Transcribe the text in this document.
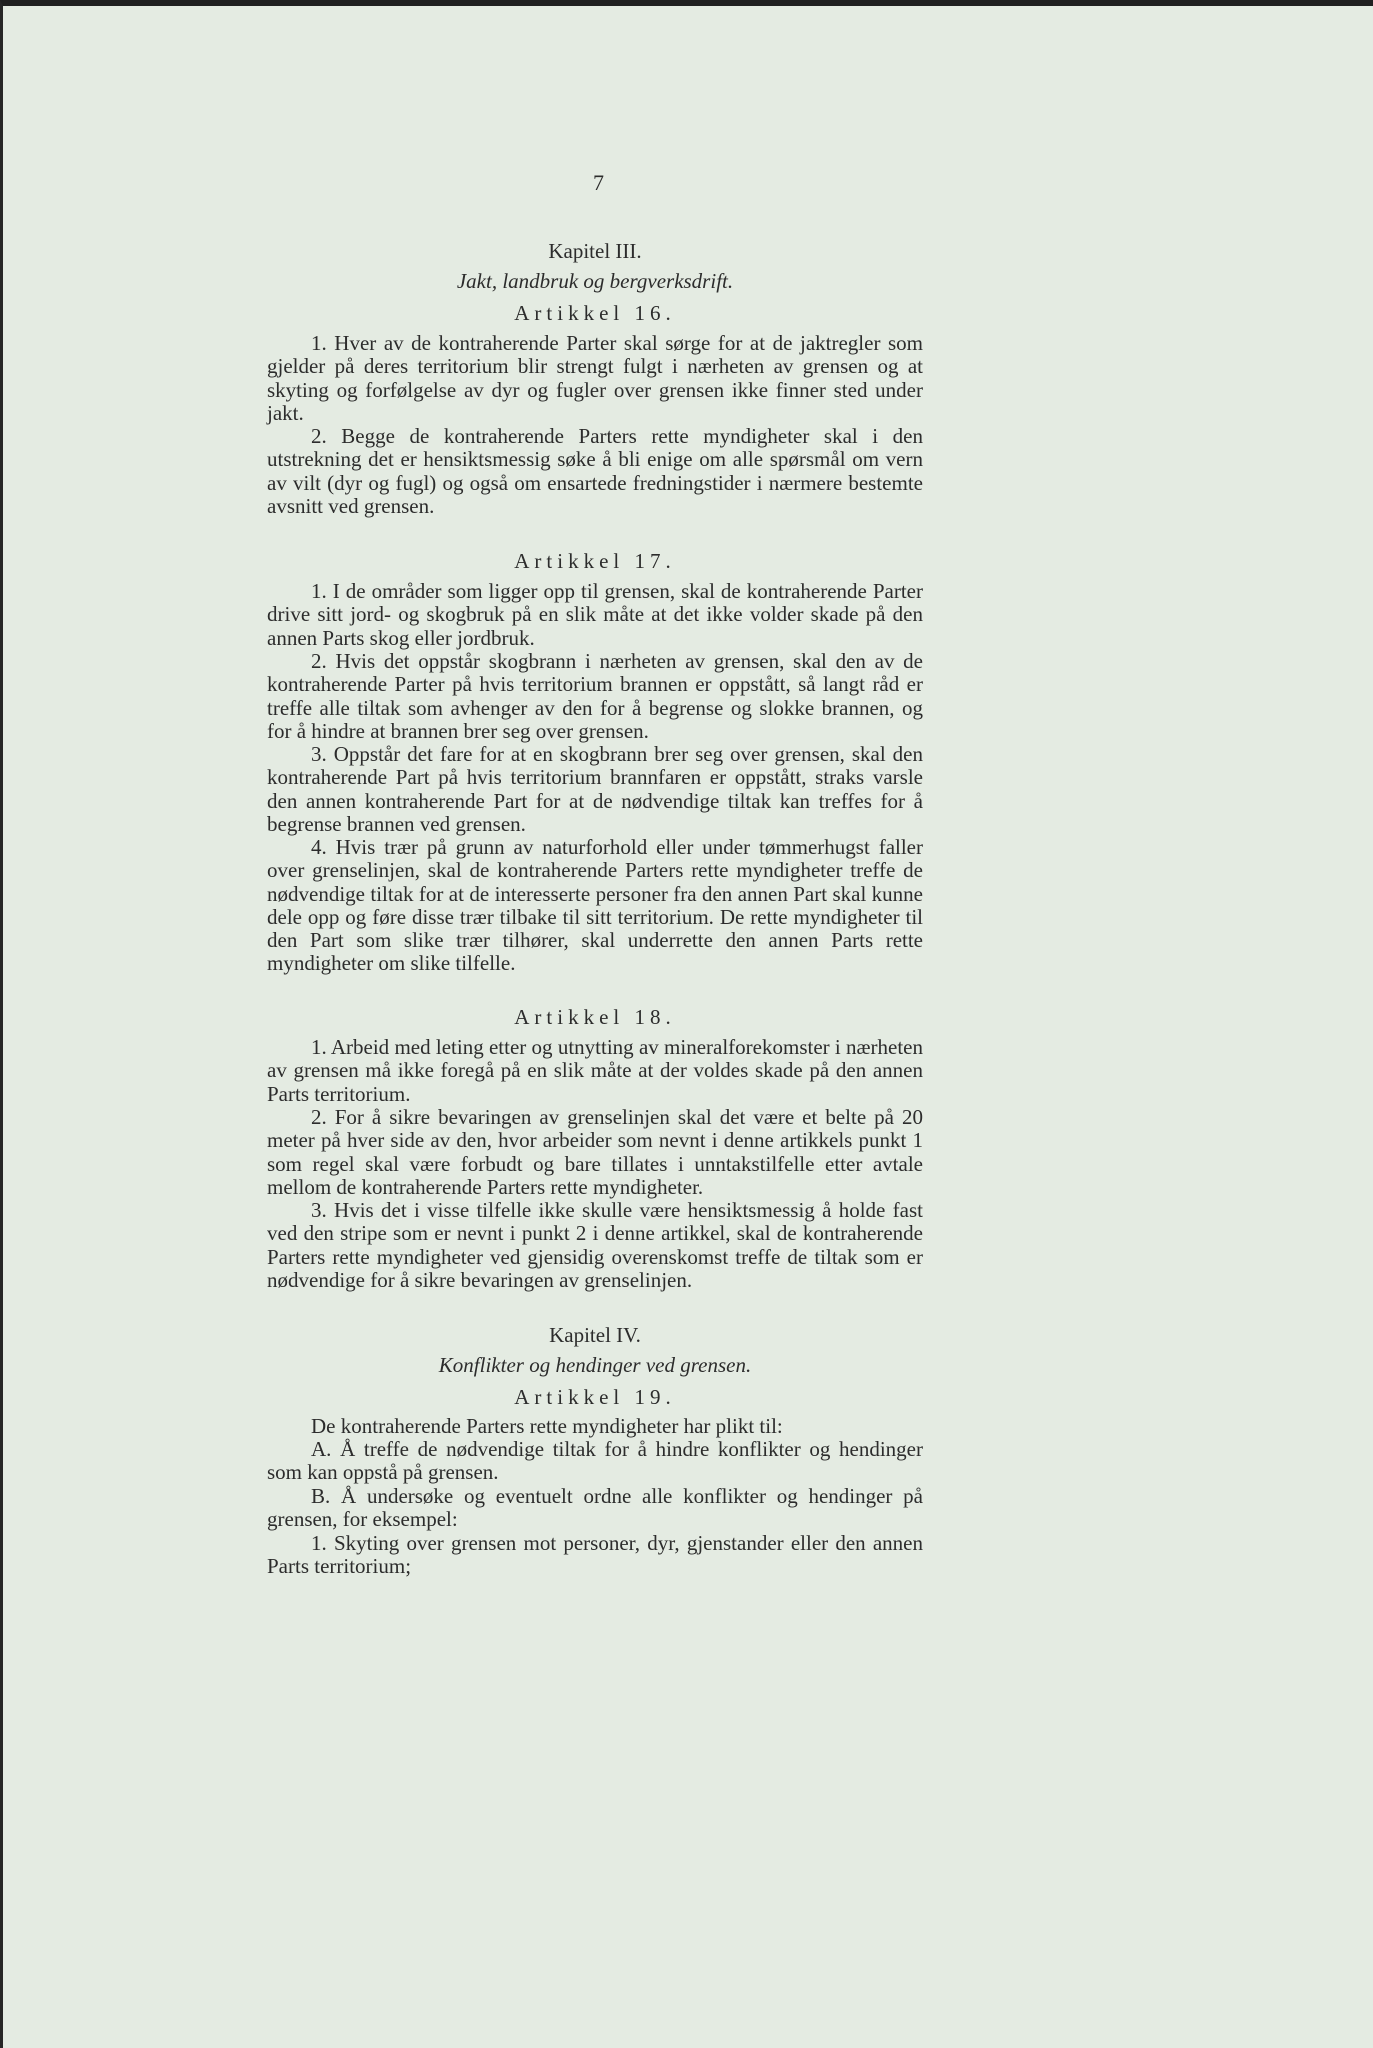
7
Kapitel III.
Jakt, landbruk og bergverksdrift.
Artikkel 16.
1. Hver av de kontraherende Parter skal sørge for at de jaktregler som gjelder på deres territorium blir strengt fulgt i nærheten av grensen og at skyting og forfølgelse av dyr og fugler over grensen ikke finner sted under jakt.
2. Begge de kontraherende Parters rette myndigheter skal i den utstrekning det er hensiktsmessig søke å bli enige om alle spørsmål om vern av vilt (dyr og fugl) og også om ensartede fredningstider i nærmere bestemte avsnitt ved grensen.
Artikkel 17.
1. I de områder som ligger opp til grensen, skal de kontraherende Parter drive sitt jord- og skogbruk på en slik måte at det ikke volder skade på den annen Parts skog eller jordbruk.
2. Hvis det oppstår skogbrann i nærheten av grensen, skal den av de kontraherende Parter på hvis territorium brannen er oppstått, så langt råd er treffe alle tiltak som avhenger av den for å begrense og slokke brannen, og for å hindre at brannen brer seg over grensen.
3. Oppstår det fare for at en skogbrann brer seg over grensen, skal den kontraherende Part på hvis territorium brannfaren er oppstått, straks varsle den annen kontraherende Part for at de nødvendige tiltak kan treffes for å begrense brannen ved grensen.
4. Hvis trær på grunn av naturforhold eller under tømmerhugst faller over grenselinjen, skal de kontraherende Parters rette myndigheter treffe de nødvendige tiltak for at de interesserte personer fra den annen Part skal kunne dele opp og føre disse trær tilbake til sitt territorium. De rette myndigheter til den Part som slike trær tilhører, skal underrette den annen Parts rette myndigheter om slike tilfelle.
Artikkel 18.
1. Arbeid med leting etter og utnytting av mineralforekomster i nærheten av grensen må ikke foregå på en slik måte at der voldes skade på den annen Parts territorium.
2. For å sikre bevaringen av grenselinjen skal det være et belte på 20 meter på hver side av den, hvor arbeider som nevnt i denne artikkels punkt 1 som regel skal være forbudt og bare tillates i unntakstilfelle etter avtale mellom de kontraherende Parters rette myndigheter.
3. Hvis det i visse tilfelle ikke skulle være hensiktsmessig å holde fast ved den stripe som er nevnt i punkt 2 i denne artikkel, skal de kontraherende Parters rette myndigheter ved gjensidig overenskomst treffe de tiltak som er nødvendige for å sikre bevaringen av grenselinjen.
Kapitel IV.
Konflikter og hendinger ved grensen.
Artikkel 19.
De kontraherende Parters rette myndigheter har plikt til:
A. Å treffe de nødvendige tiltak for å hindre konflikter og hendinger som kan oppstå på grensen.
B. Å undersøke og eventuelt ordne alle konflikter og hendinger på grensen, for eksempel:
1. Skyting over grensen mot personer, dyr, gjenstander eller den annen Parts territorium;
